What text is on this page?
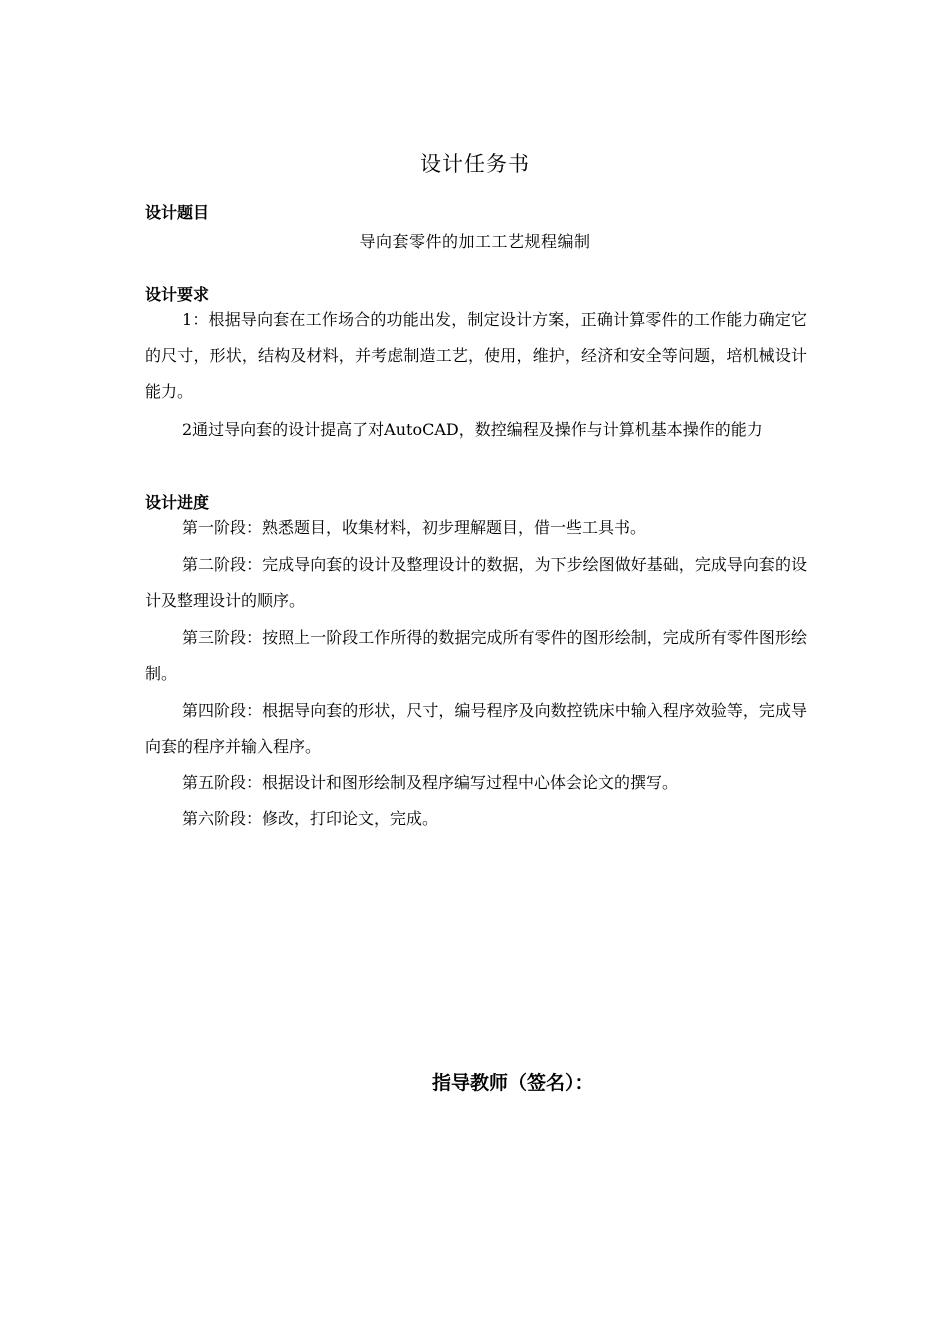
设计任务书
设计题目
导向套零件的加工工艺规程编制
设计要求

1：根据导向套在工作场合的功能出发，制定设计方案，正确计算零件的工作能力确定它的尺寸，形状，结构及材料，并考虑制造工艺，使用，维护，经济和安全等问题，培机械设计能力。

2通过导向套的设计提高了对AutoCAD，数控编程及操作与计算机基本操作的能力

设计进度

第一阶段：熟悉题目，收集材料，初步理解题目，借一些工具书。

第二阶段：完成导向套的设计及整理设计的数据，为下步绘图做好基础，完成导向套的设计及整理设计的顺序。

第三阶段：按照上一阶段工作所得的数据完成所有零件的图形绘制，完成所有零件图形绘制。

第四阶段：根据导向套的形状，尺寸，编号程序及向数控铣床中输入程序效验等，完成导向套的程序并输入程序。

第五阶段：根据设计和图形绘制及程序编写过程中心体会论文的撰写。

第六阶段：修改，打印论文，完成。

指导教师（签名）：
